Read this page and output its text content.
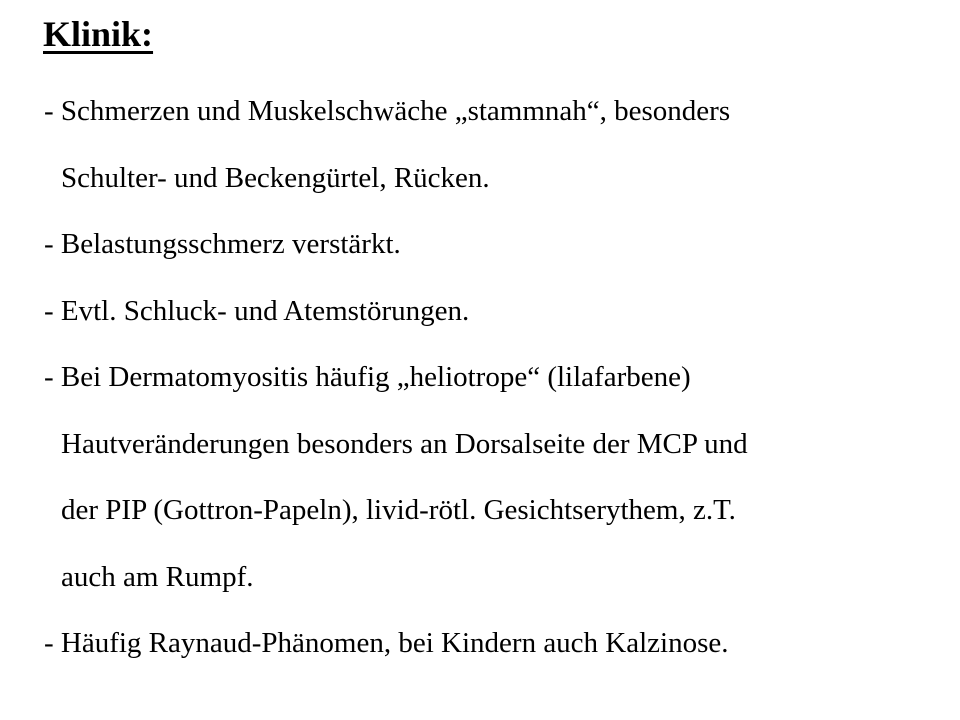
Klinik:
- Schmerzen und Muskelschwäche „stammnah“, besonders
Schulter- und Beckengürtel, Rücken.
- Belastungsschmerz verstärkt.
- Evtl. Schluck- und Atemstörungen.
- Bei Dermatomyositis häufig „heliotrope“ (lilafarbene)
Hautveränderungen besonders an Dorsalseite der MCP und
der PIP (Gottron-Papeln), livid-rötl. Gesichtserythem, z.T.
auch am Rumpf.
- Häufig Raynaud-Phänomen, bei Kindern auch Kalzinose.
